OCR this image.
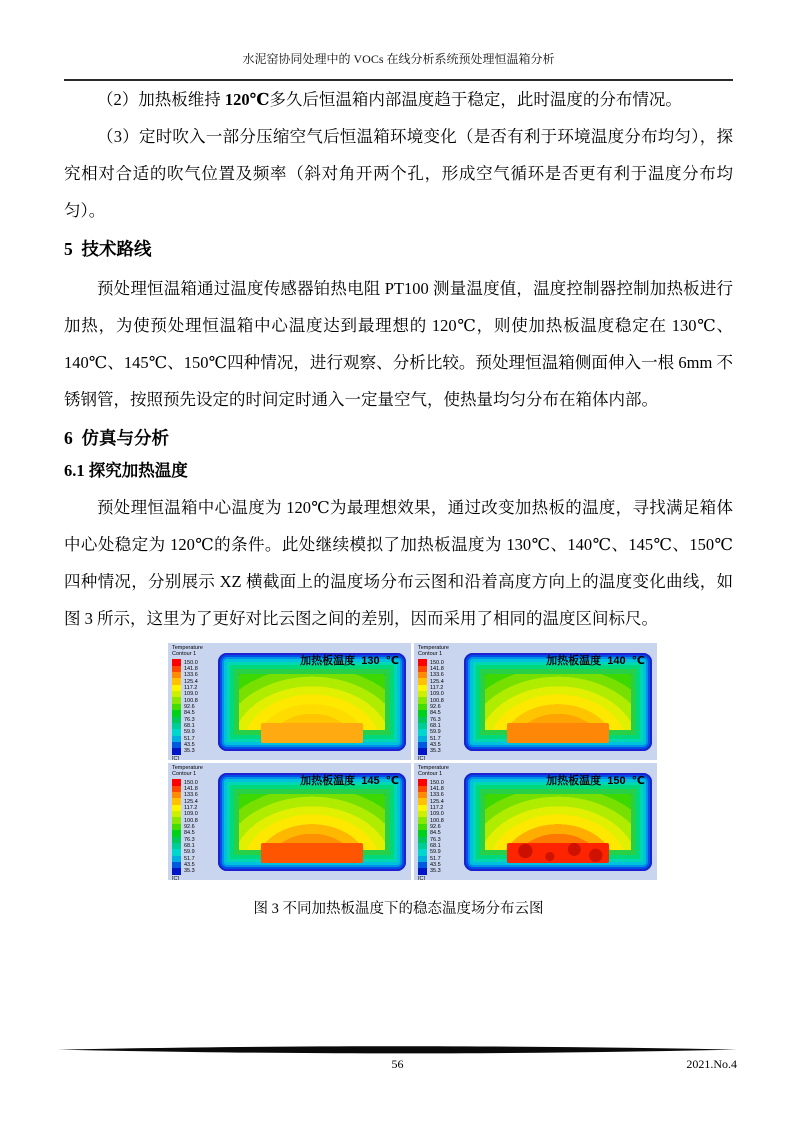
水泥窑协同处理中的 VOCs 在线分析系统预处理恒温箱分析

（2）加热板维持 120℃多久后恒温箱内部温度趋于稳定，此时温度的分布情况。

（3）定时吹入一部分压缩空气后恒温箱环境变化（是否有利于环境温度分布均匀），探究相对合适的吹气位置及频率（斜对角开两个孔，形成空气循环是否更有利于温度分布均匀）。

5  技术路线

预处理恒温箱通过温度传感器铂热电阻 PT100 测量温度值，温度控制器控制加热板进行加热，为使预处理恒温箱中心温度达到最理想的 120℃，则使加热板温度稳定在 130℃、140℃、145℃、150℃四种情况，进行观察、分析比较。预处理恒温箱侧面伸入一根 6mm 不锈钢管，按照预先设定的时间定时通入一定量空气，使热量均匀分布在箱体内部。

6  仿真与分析
6.1 探究加热温度

预处理恒温箱中心温度为 120℃为最理想效果，通过改变加热板的温度，寻找满足箱体中心处稳定为 120℃的条件。此处继续模拟了加热板温度为 130℃、140℃、145℃、150℃四种情况，分别展示 XZ 横截面上的温度场分布云图和沿着高度方向上的温度变化曲线，如图 3 所示，这里为了更好对比云图之间的差别，因而采用了相同的温度区间标尺。

Temperature
Contour 1
150.0
141.8
133.6
125.4
117.2
109.0
100.8
92.6
84.5
76.3
68.1
59.9
51.7
43.5
35.3
[C]
加热板温度  130  ℃
Temperature
Contour 1
150.0
141.8
133.6
125.4
117.2
109.0
100.8
92.6
84.5
76.3
68.1
59.9
51.7
43.5
35.3
[C]
加热板温度  140  ℃
Temperature
Contour 1
150.0
141.8
133.6
125.4
117.2
109.0
100.8
92.6
84.5
76.3
68.1
59.9
51.7
43.5
35.3
[C]
加热板温度  145  ℃
Temperature
Contour 1
150.0
141.8
133.6
125.4
117.2
109.0
100.8
92.6
84.5
76.3
68.1
59.9
51.7
43.5
35.3
[C]
加热板温度  150  ℃
图 3 不同加热板温度下的稳态温度场分布云图
56	2021.No.4
